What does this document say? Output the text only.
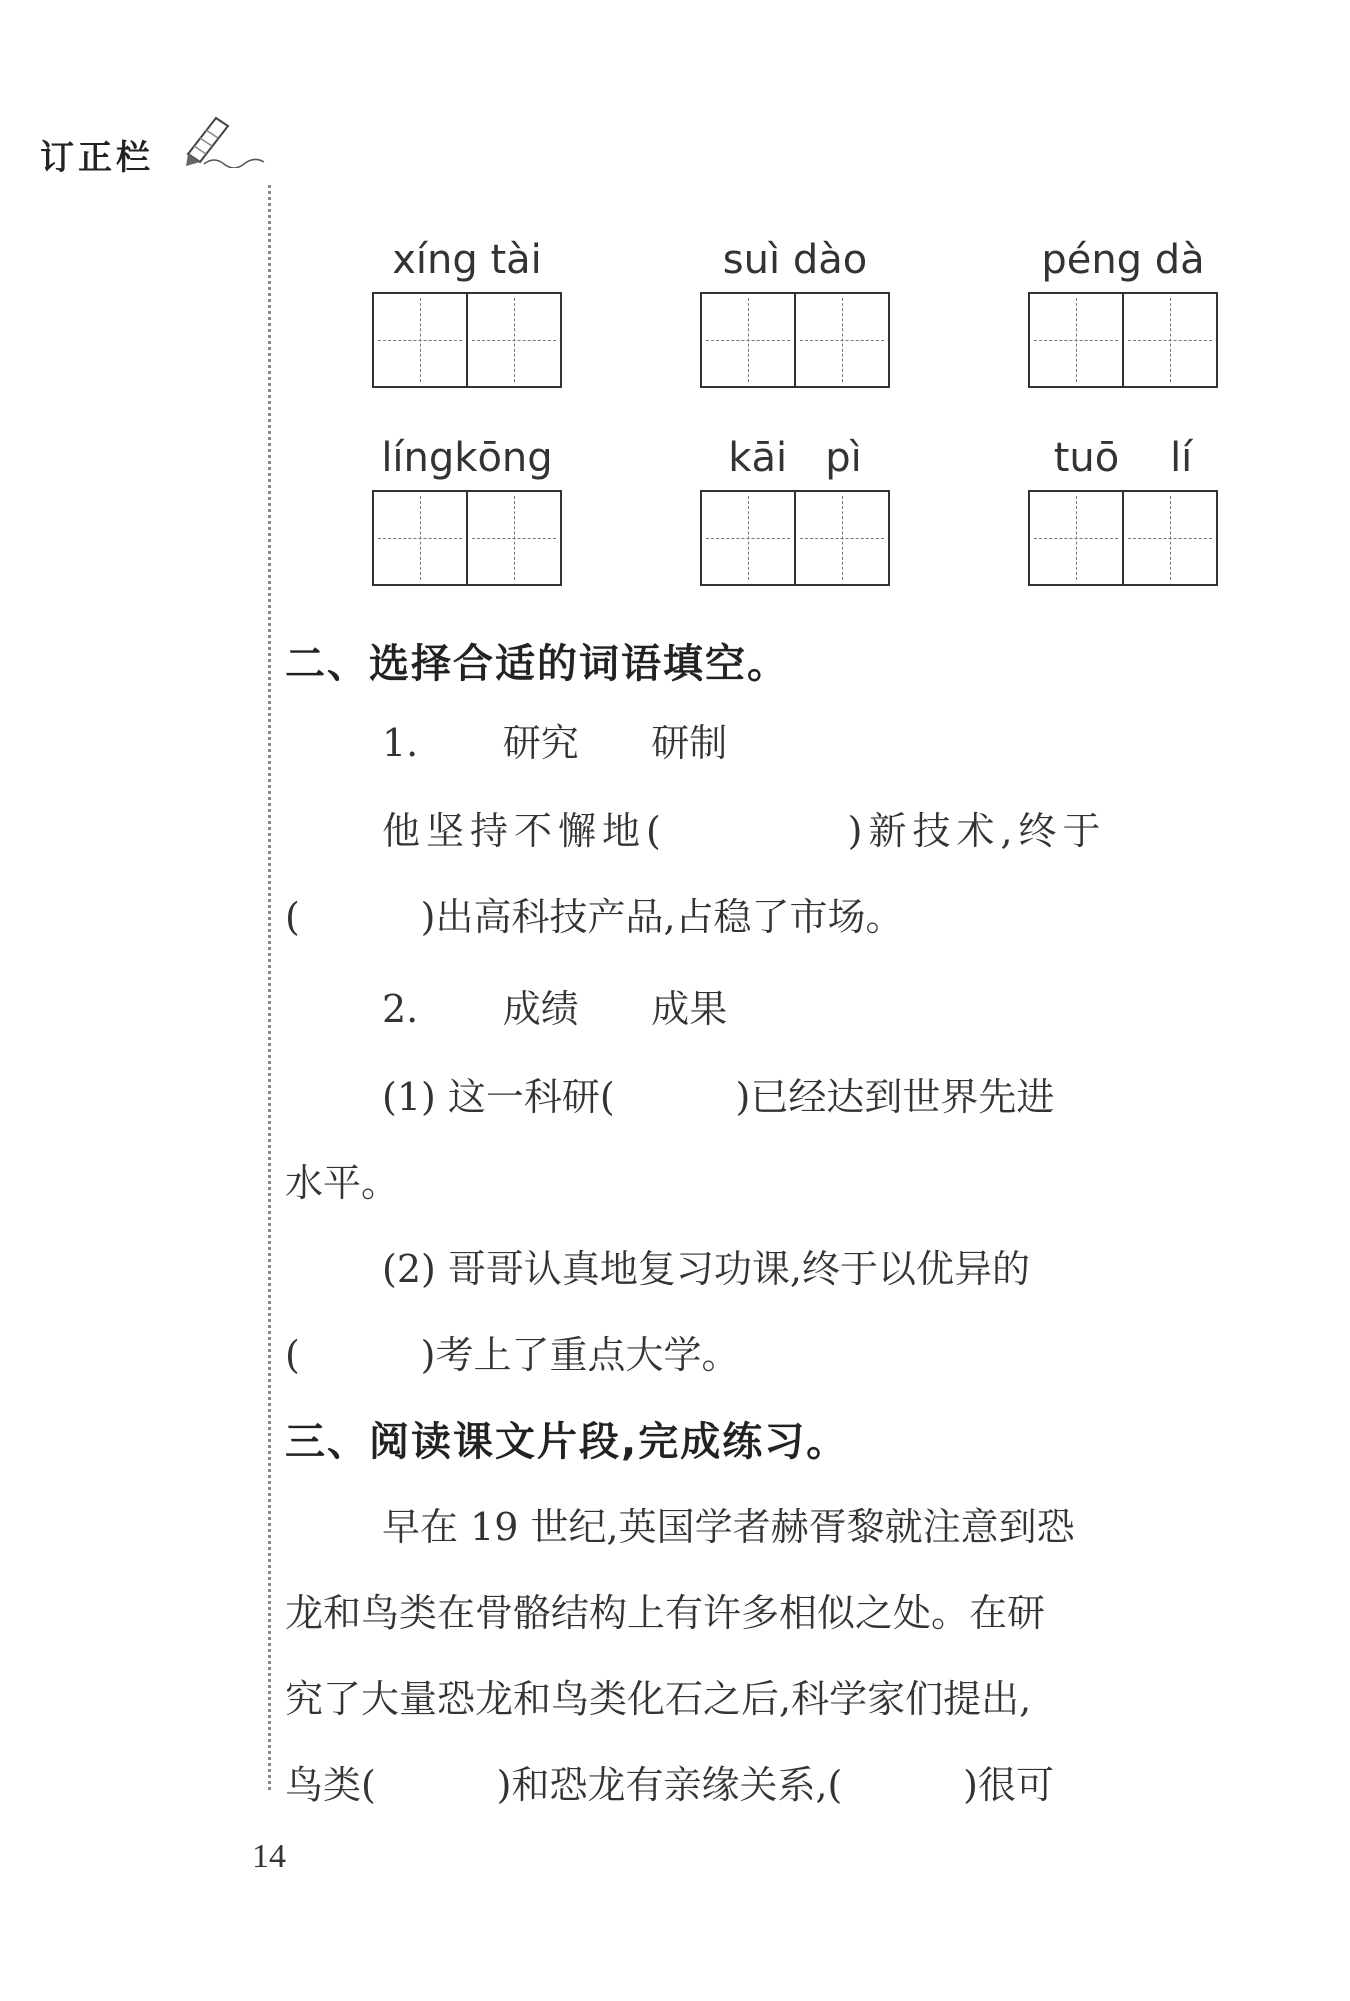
订正栏
xíng tài	suì dào	péng dà
língkōng	kāi   pì	tuō    lí
二、选择合适的词语填空。
1.       研究      研制
他坚持不懈地(          )新技术,终于
(          )出高科技产品,占稳了市场。
2.       成绩      成果
(1) 这一科研(          )已经达到世界先进
水平。
(2) 哥哥认真地复习功课,终于以优异的
(          )考上了重点大学。
三、阅读课文片段,完成练习。
早在 19 世纪,英国学者赫胥黎就注意到恐
龙和鸟类在骨骼结构上有许多相似之处。在研
究了大量恐龙和鸟类化石之后,科学家们提出,
鸟类(          )和恐龙有亲缘关系,(          )很可
14
